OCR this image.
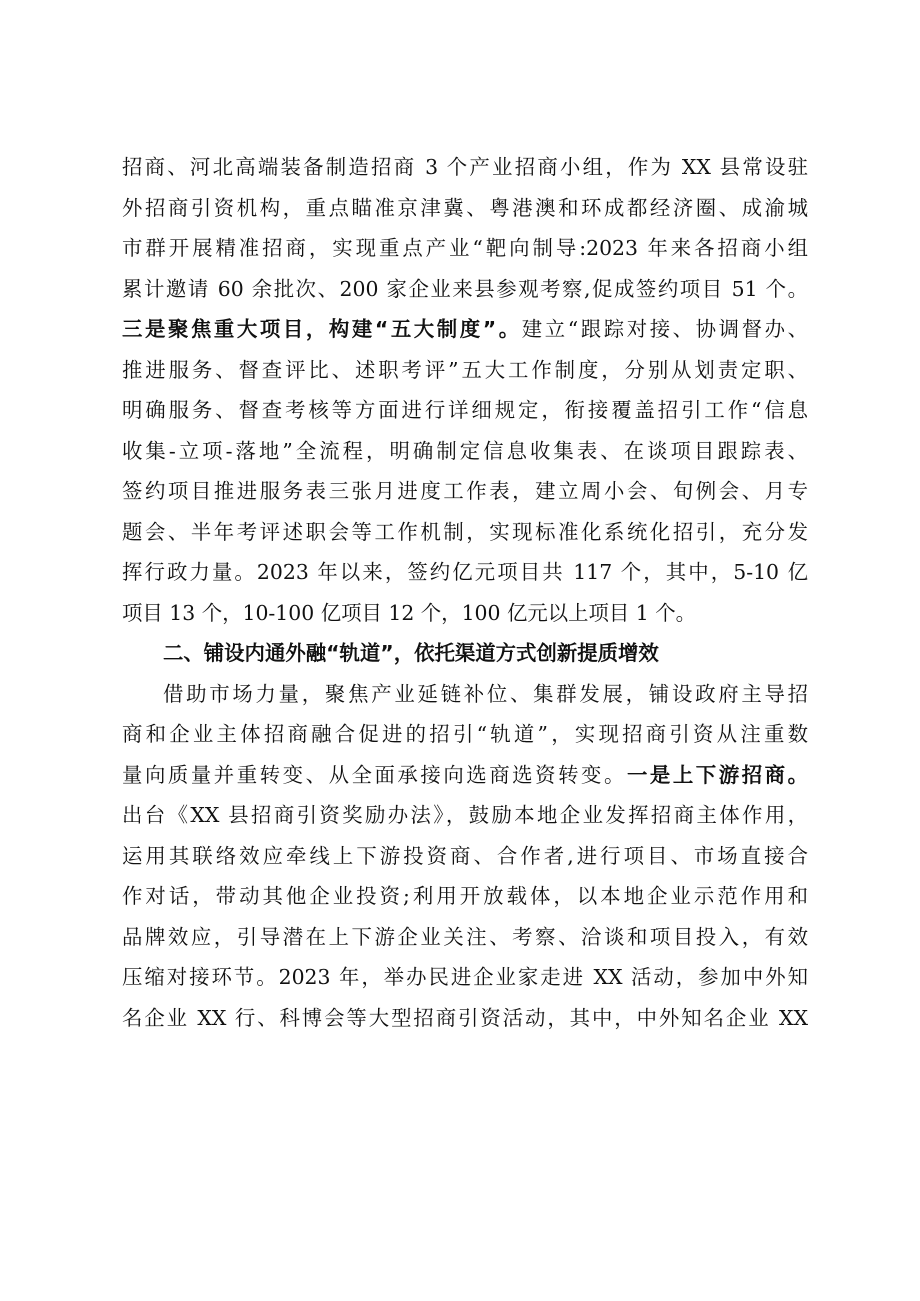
招商、河北高端装备制造招商 3 个产业招商小组，作为 XX 县常设驻
外招商引资机构，重点瞄准京津冀、粤港澳和环成都经济圈、成渝城
市群开展精准招商，实现重点产业“靶向制导:2023 年来各招商小组
累计邀请 60 余批次、200 家企业来县参观考察,促成签约项目 51 个。
三是聚焦重大项目，构建“五大制度”。建立“跟踪对接、协调督办、
推进服务、督查评比、述职考评”五大工作制度，分别从划责定职、
明确服务、督查考核等方面进行详细规定，衔接覆盖招引工作“信息
收集-立项-落地”全流程，明确制定信息收集表、在谈项目跟踪表、
签约项目推进服务表三张月进度工作表，建立周小会、旬例会、月专
题会、半年考评述职会等工作机制，实现标准化系统化招引，充分发
挥行政力量。2023 年以来，签约亿元项目共 117 个，其中，5-10 亿
项目 13 个，10-100 亿项目 12 个，100 亿元以上项目 1 个。
二、铺设内通外融“轨道”，依托渠道方式创新提质增效
借助市场力量，聚焦产业延链补位、集群发展，铺设政府主导招
商和企业主体招商融合促进的招引“轨道”，实现招商引资从注重数
量向质量并重转变、从全面承接向选商选资转变。一是上下游招商。
出台《XX 县招商引资奖励办法》，鼓励本地企业发挥招商主体作用，
运用其联络效应牵线上下游投资商、合作者,进行项目、市场直接合
作对话，带动其他企业投资;利用开放载体，以本地企业示范作用和
品牌效应，引导潜在上下游企业关注、考察、洽谈和项目投入，有效
压缩对接环节。2023 年，举办民进企业家走进 XX 活动，参加中外知
名企业 XX 行、科博会等大型招商引资活动，其中，中外知名企业 XX
